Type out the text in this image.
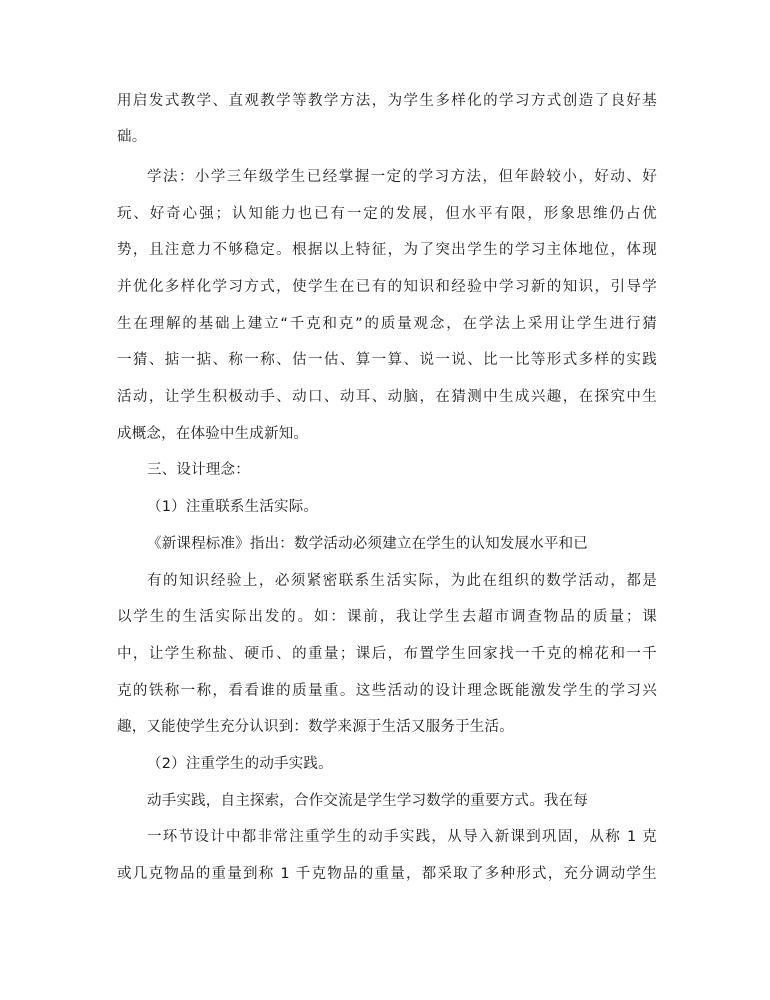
用启发式教学、直观教学等教学方法，为学生多样化的学习方式创造了良好基
础。
学法：小学三年级学生已经掌握一定的学习方法，但年龄较小，好动、好
玩、好奇心强；认知能力也已有一定的发展，但水平有限，形象思维仍占优
势，且注意力不够稳定。根据以上特征，为了突出学生的学习主体地位，体现
并优化多样化学习方式，使学生在已有的知识和经验中学习新的知识，引导学
生在理解的基础上建立“千克和克”的质量观念，在学法上采用让学生进行猜
一猜、掂一掂、称一称、估一估、算一算、说一说、比一比等形式多样的实践
活动，让学生积极动手、动口、动耳、动脑，在猜测中生成兴趣，在探究中生
成概念，在体验中生成新知。
三、设计理念：
（1）注重联系生活实际。
《新课程标准》指出：数学活动必须建立在学生的认知发展水平和已
有的知识经验上，必须紧密联系生活实际，为此在组织的数学活动，都是
以学生的生活实际出发的。如：课前，我让学生去超市调查物品的质量；课
中，让学生称盐、硬币、的重量；课后，布置学生回家找一千克的棉花和一千
克的铁称一称，看看谁的质量重。这些活动的设计理念既能激发学生的学习兴
趣，又能使学生充分认识到：数学来源于生活又服务于生活。
（2）注重学生的动手实践。
动手实践，自主探索，合作交流是学生学习数学的重要方式。我在每
一环节设计中都非常注重学生的动手实践，从导入新课到巩固，从称 1 克
或几克物品的重量到称 1 千克物品的重量，都采取了多种形式，充分调动学生
